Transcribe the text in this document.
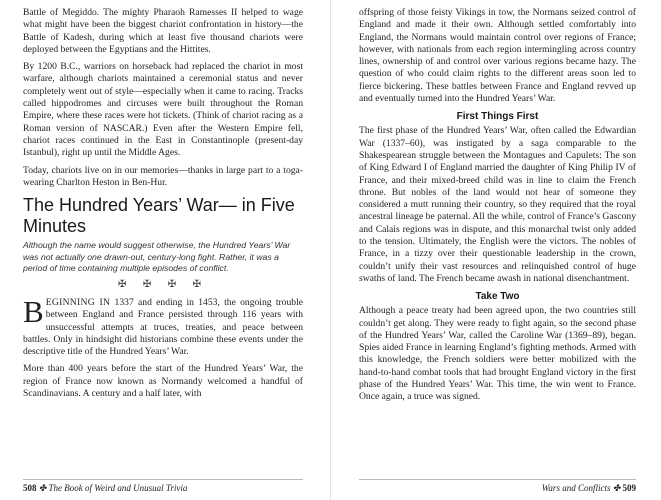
Battle of Megiddo. The mighty Pharaoh Ramesses II helped to wage what might have been the biggest chariot confrontation in history—the Battle of Kadesh, during which at least five thousand chariots were deployed between the Egyptians and the Hittites.

By 1200 B.C., warriors on horseback had replaced the chariot in most warfare, although chariots maintained a ceremonial status and never completely went out of style—especially when it came to racing. Tracks called hippodromes and circuses were built throughout the Roman Empire, where these races were hot tickets. (Think of chariot racing as a Roman version of NASCAR.) Even after the Western Empire fell, chariot races continued in the East in Constantinople (present-day Istanbul), right up until the Middle Ages.

Today, chariots live on in our memories—thanks in large part to a toga-wearing Charlton Heston in Ben-Hur.

The Hundred Years’ War— in Five Minutes

Although the name would suggest otherwise, the Hundred Years’ War was not actually one drawn-out, century-long fight. Rather, it was a period of time containing multiple episodes of conflict.

✠ ✠ ✠ ✠

BEGINNING IN 1337 and ending in 1453, the ongoing trouble between England and France persisted through 116 years with unsuccessful attempts at truces, treaties, and peace between battles. Only in hindsight did historians combine these events under the descriptive title of the Hundred Years’ War.

More than 400 years before the start of the Hundred Years’ War, the region of France now known as Normandy welcomed a handful of Scandinavians. A century and a half later, with

508 ✤ The Book of Weird and Unusual Trivia

offspring of those feisty Vikings in tow, the Normans seized control of England and made it their own. Although settled comfortably into England, the Normans would maintain control over regions of France; however, with nationals from each region intermingling across country lines, ownership of and control over various regions became hazy. The question of who could claim rights to the different areas soon led to fierce bickering. These battles between France and England revved up and eventually turned into the Hundred Years’ War.

First Things First

The first phase of the Hundred Years’ War, often called the Edwardian War (1337–60), was instigated by a saga comparable to the Shakespearean struggle between the Montagues and Capulets: The son of King Edward I of England married the daughter of King Philip IV of France, and their mixed-breed child was in line to claim the French throne. But nobles of the land would not hear of someone they considered a mutt running their country, so they required that the royal ancestral lineage be paternal. All the while, control of France’s Gascony and Calais regions was in dispute, and this monarchal twist only added to the tension. Ultimately, the English were the victors. The nobles of France, in a tizzy over their questionable leadership in the crown, couldn’t unify their vast resources and relinquished control of huge swaths of land. The French became awash in national disenchantment.

Take Two

Although a peace treaty had been agreed upon, the two countries still couldn’t get along. They were ready to fight again, so the second phase of the Hundred Years’ War, called the Caroline War (1369–89), began. Spies aided France in learning England’s fighting methods. Armed with this knowledge, the French soldiers were better mobilized with the hand-to-hand combat tools that had brought England victory in the first phase of the Hundred Years’ War. This time, the win went to France. Once again, a truce was signed.

Wars and Conflicts ✤ 509
